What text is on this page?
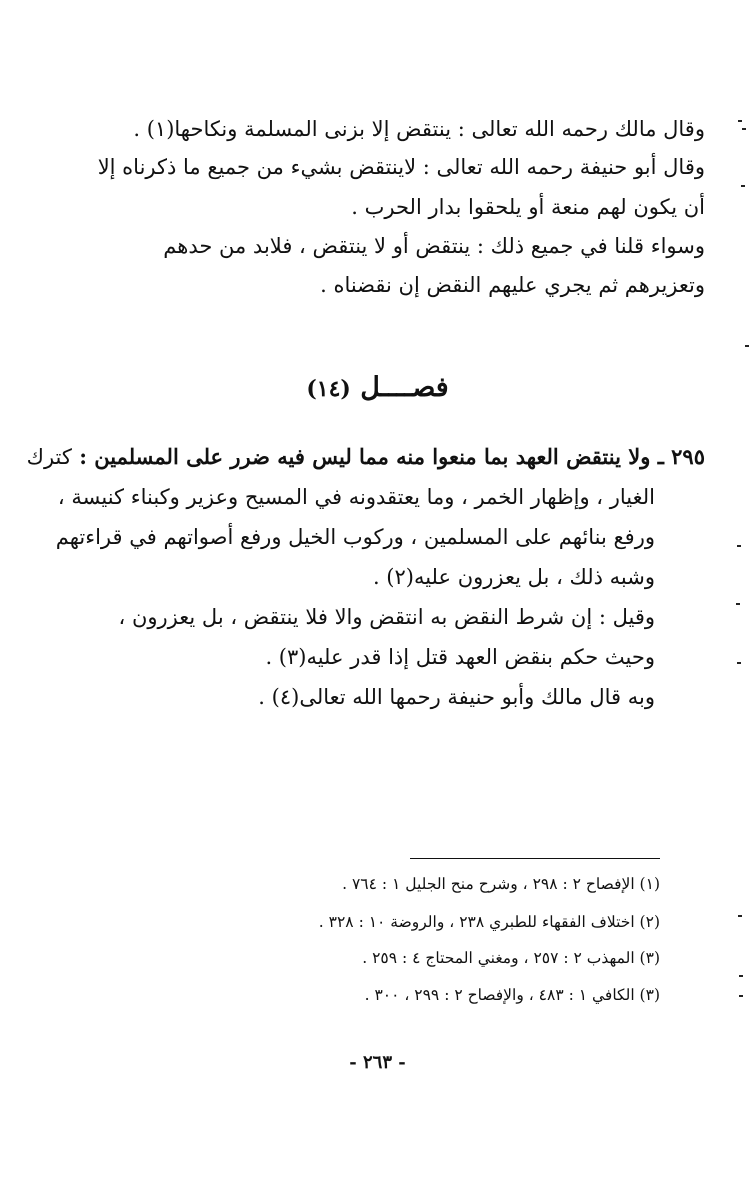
وقال مالك رحمه الله تعالى : ينتقض إلا بزنى المسلمة ونكاحها(١) .
وقال أبو حنيفة رحمه الله تعالى : لاينتقض بشيء من جميع ما ذكرناه إلا
أن يكون لهم منعة أو يلحقوا بدار الحرب .
وسواء قلنا في جميع ذلك : ينتقض أو لا ينتقض ، فلابد من حدهم
وتعزيرهم ثم يجري عليهم النقض إن نقضناه .
فصــــل (١٤)
٢٩٥ ـ ولا ينتقض العهد بما منعوا منه مما ليس فيه ضرر على المسلمين : كترك
الغيار ، وإظهار الخمر ، وما يعتقدونه في المسيح وعزير وكبناء كنيسة ،
ورفع بنائهم على المسلمين ، وركوب الخيل ورفع أصواتهم في قراءتهم
وشبه ذلك ، بل يعزرون عليه(٢) .
وقيل : إن شرط النقض به انتقض والا فلا ينتقض ، بل يعزرون ،
وحيث حكم بنقض العهد قتل إذا قدر عليه(٣) .
وبه قال مالك وأبو حنيفة رحمها الله تعالى(٤) .
(١) الإفصاح ٢ : ٢٩٨ ، وشرح منح الجليل ١ : ٧٦٤ .
(٢) اختلاف الفقهاء للطبري ٢٣٨ ، والروضة ١٠ : ٣٢٨ .
(٣) المهذب ٢ : ٢٥٧ ، ومغني المحتاج ٤ : ٢٥٩ .
(٣) الكافي ١ : ٤٨٣ ، والإفصاح ٢ : ٢٩٩ ، ٣٠٠ .
- ٢٦٣ -
